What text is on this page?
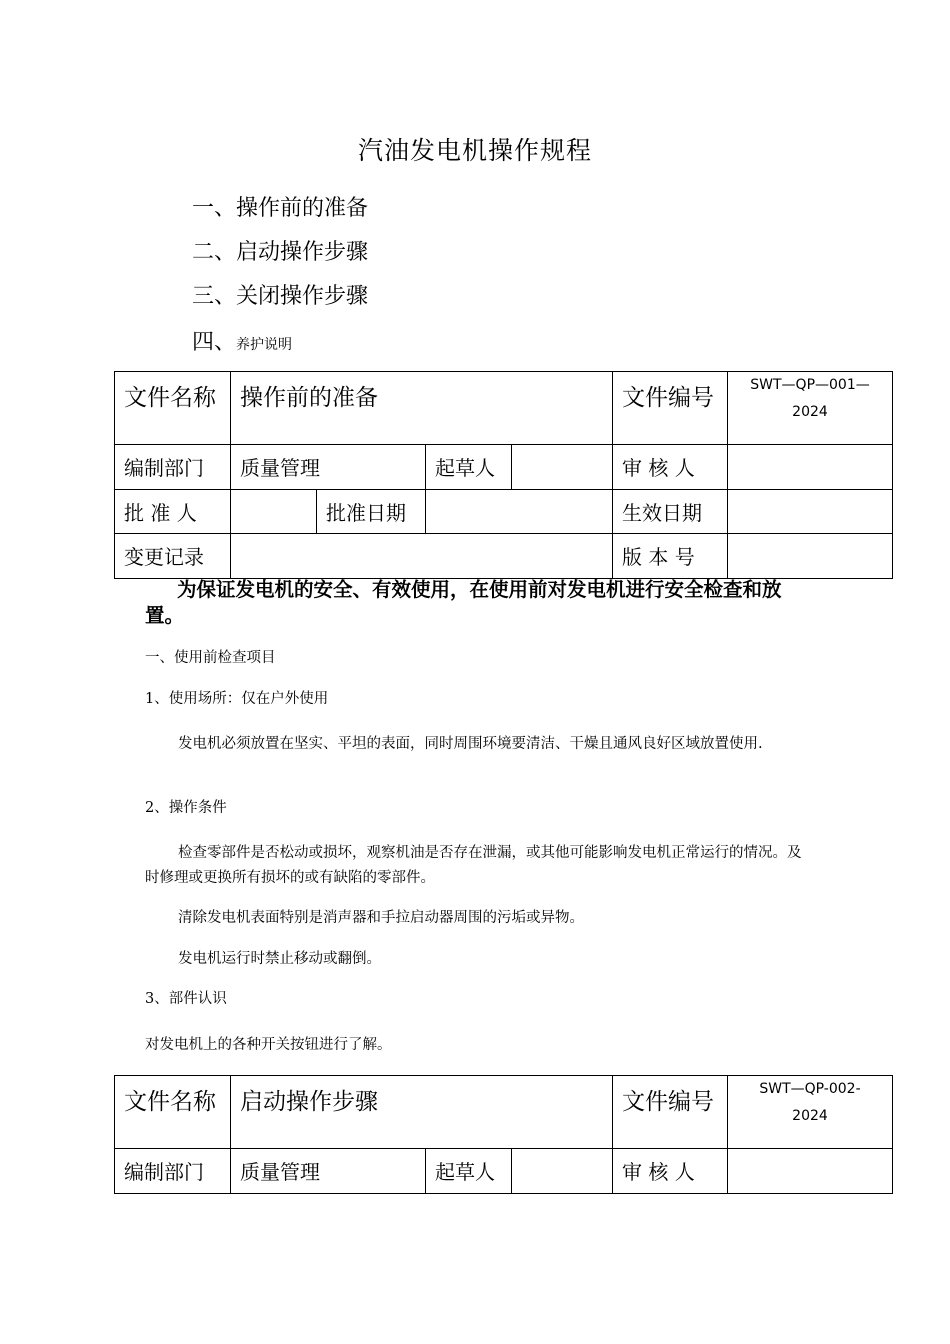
汽油发电机操作规程
一、操作前的准备
二、启动操作步骤
三、关闭操作步骤
四、养护说明
文件名称	操作前的准备				文件编号	SWT—QP—001—
2024

编制部门	质量管理		起草人		审 核 人	

批 准 人		批准日期			生效日期	

变更记录					版 本 号	

为保证发电机的安全、有效使用，在使用前对发电机进行安全检查和放置。
一、使用前检查项目
1、使用场所：仅在户外使用
发电机必须放置在坚实、平坦的表面，同时周围环境要清洁、干燥且通风良好区域放置使用.
2、操作条件
检查零部件是否松动或损坏，观察机油是否存在泄漏，或其他可能影响发电机正常运行的情况。及时修理或更换所有损坏的或有缺陷的零部件。
清除发电机表面特别是消声器和手拉启动器周围的污垢或异物。
发电机运行时禁止移动或翻倒。
3、部件认识
对发电机上的各种开关按钮进行了解。
文件名称	启动操作步骤			文件编号	SWT—QP-002-
2024

编制部门	质量管理	起草人		审 核 人	
